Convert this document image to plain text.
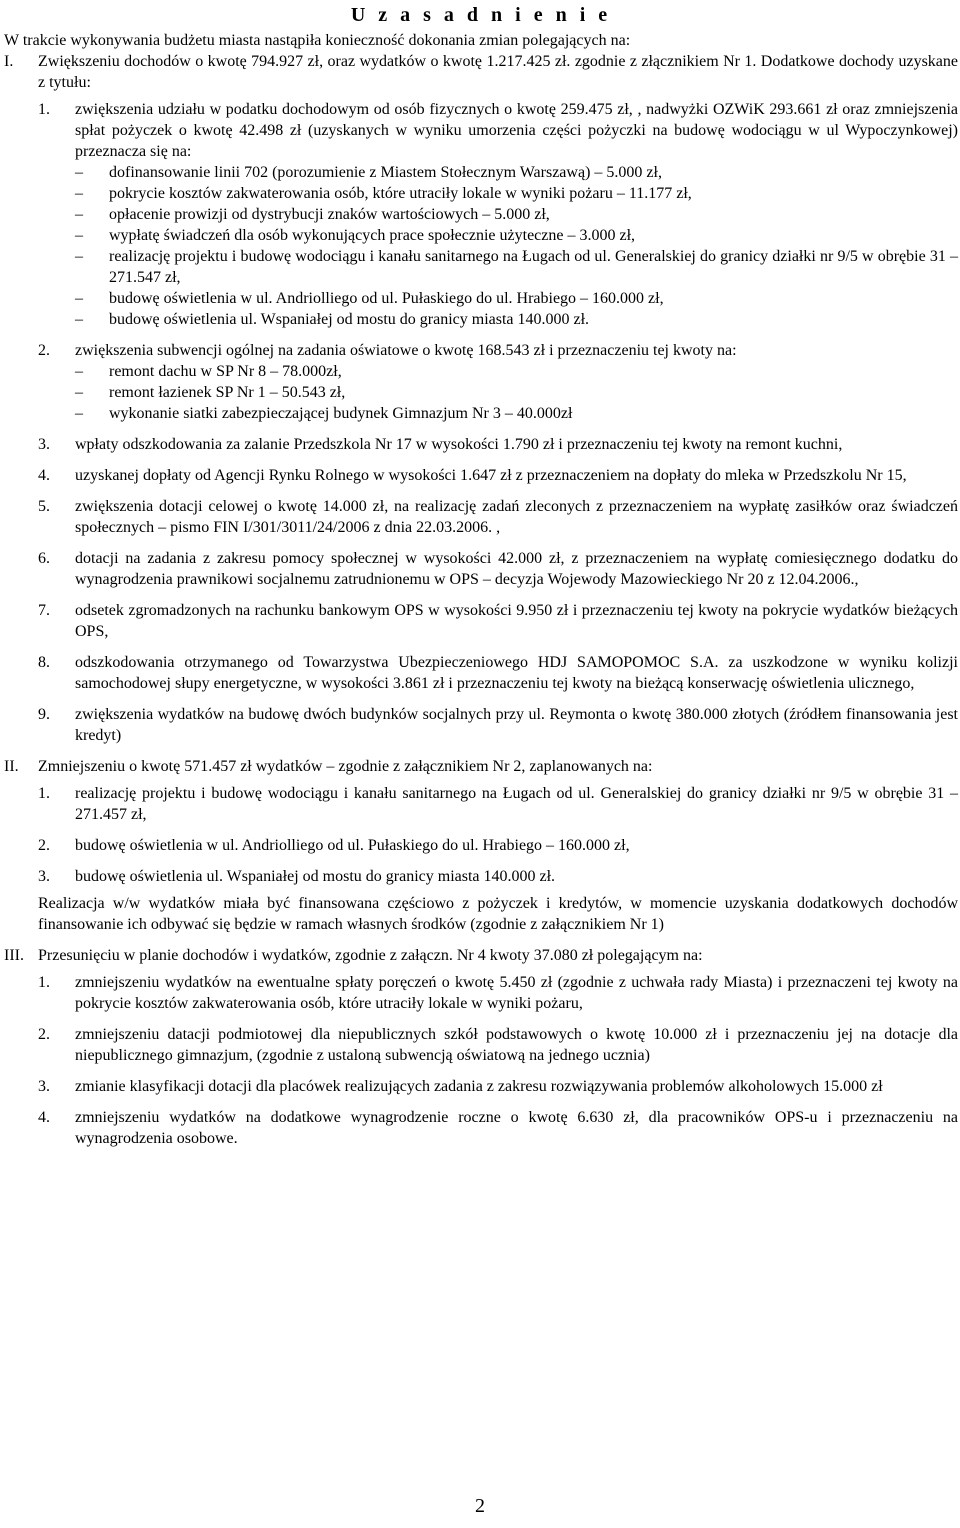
U z a s a d n i e n i e

W trakcie wykonywania budżetu miasta nastąpiła konieczność dokonania zmian polegających na:

I.	Zwiększeniu dochodów o kwotę 794.927 zł, oraz wydatków o kwotę 1.217.425 zł. zgodnie z złącznikiem Nr 1. Dodatkowe dochody uzyskane z tytułu:
1.	zwiększenia udziału w podatku dochodowym od osób fizycznych o kwotę 259.475 zł, , nadwyżki OZWiK 293.661 zł oraz zmniejszenia spłat pożyczek o kwotę 42.498 zł (uzyskanych w wyniku umorzenia części pożyczki na budowę wodociągu w ul Wypoczynkowej) przeznacza się na:
–	dofinansowanie linii 702 (porozumienie z Miastem Stołecznym Warszawą) – 5.000 zł,
–	pokrycie kosztów zakwaterowania osób, które utraciły lokale w wyniki pożaru – 11.177 zł,
–	opłacenie prowizji od dystrybucji znaków wartościowych – 5.000 zł,
–	wypłatę świadczeń dla osób wykonujących prace społecznie użyteczne – 3.000 zł,
–	realizację projektu i budowę wodociągu i kanału sanitarnego na Ługach od ul. Generalskiej do granicy działki nr 9/5 w obrębie 31 – 271.547 zł,
–	budowę oświetlenia w ul. Andriolliego od ul. Pułaskiego do ul. Hrabiego – 160.000 zł,
–	budowę oświetlenia ul. Wspaniałej od mostu do granicy miasta 140.000 zł.
2.	zwiększenia subwencji ogólnej na zadania oświatowe o kwotę 168.543 zł i przeznaczeniu tej kwoty na:
–	remont dachu w SP Nr 8 – 78.000zł,
–	remont łazienek SP Nr 1 – 50.543 zł,
–	wykonanie siatki zabezpieczającej budynek Gimnazjum Nr 3 – 40.000zł
3.	wpłaty odszkodowania za zalanie Przedszkola Nr 17 w wysokości 1.790 zł i przeznaczeniu tej kwoty na remont kuchni,
4.	uzyskanej dopłaty od Agencji Rynku Rolnego w wysokości 1.647 zł z przeznaczeniem na dopłaty do mleka w Przedszkolu Nr 15,
5.	zwiększenia dotacji celowej o kwotę 14.000 zł, na realizację zadań zleconych z przeznaczeniem na wypłatę zasiłków oraz świadczeń społecznych – pismo FIN I/301/3011/24/2006 z dnia 22.03.2006. ,
6.	dotacji na zadania z zakresu pomocy społecznej w wysokości 42.000 zł, z przeznaczeniem na wypłatę comiesięcznego dodatku do wynagrodzenia prawnikowi socjalnemu zatrudnionemu w OPS – decyzja Wojewody Mazowieckiego Nr 20 z 12.04.2006.,
7.	odsetek zgromadzonych na rachunku bankowym OPS w wysokości 9.950 zł i przeznaczeniu tej kwoty na pokrycie wydatków bieżących OPS,
8.	odszkodowania otrzymanego od Towarzystwa Ubezpieczeniowego HDJ SAMOPOMOC S.A. za uszkodzone w wyniku kolizji samochodowej słupy energetyczne, w wysokości 3.861 zł i przeznaczeniu tej kwoty na bieżącą konserwację oświetlenia ulicznego,
9.	zwiększenia wydatków na budowę dwóch budynków socjalnych przy ul. Reymonta o kwotę 380.000 złotych (źródłem finansowania jest kredyt)
II.	Zmniejszeniu o kwotę 571.457 zł wydatków – zgodnie z załącznikiem Nr 2, zaplanowanych na:
1.	realizację projektu i budowę wodociągu i kanału sanitarnego na Ługach od ul. Generalskiej do granicy działki nr 9/5 w obrębie 31 – 271.457 zł,
2.	budowę oświetlenia w ul. Andriolliego od ul. Pułaskiego do ul. Hrabiego – 160.000 zł,
3.	budowę oświetlenia ul. Wspaniałej od mostu do granicy miasta 140.000 zł.
Realizacja w/w wydatków miała być finansowana częściowo z pożyczek i kredytów, w momencie uzyskania dodatkowych dochodów finansowanie ich odbywać się będzie w ramach własnych środków (zgodnie z załącznikiem Nr 1)
III. Przesunięciu w planie dochodów i wydatków, zgodnie z załączn. Nr 4 kwoty 37.080 zł polegającym na:
1.	zmniejszeniu wydatków na ewentualne spłaty poręczeń o kwotę 5.450 zł (zgodnie z uchwała rady Miasta) i przeznaczeni tej kwoty na pokrycie kosztów zakwaterowania osób, które utraciły lokale w wyniki pożaru,
2.	zmniejszeniu datacji podmiotowej dla niepublicznych szkół podstawowych o kwotę 10.000 zł i przeznaczeniu jej na dotacje dla niepublicznego gimnazjum, (zgodnie z ustaloną subwencją oświatową na jednego ucznia)
3.	zmianie klasyfikacji dotacji dla placówek realizujących zadania z zakresu rozwiązywania problemów alkoholowych 15.000 zł
4.	zmniejszeniu wydatków na dodatkowe wynagrodzenie roczne o kwotę 6.630 zł, dla pracowników OPS-u i przeznaczeniu na wynagrodzenia osobowe.
2
